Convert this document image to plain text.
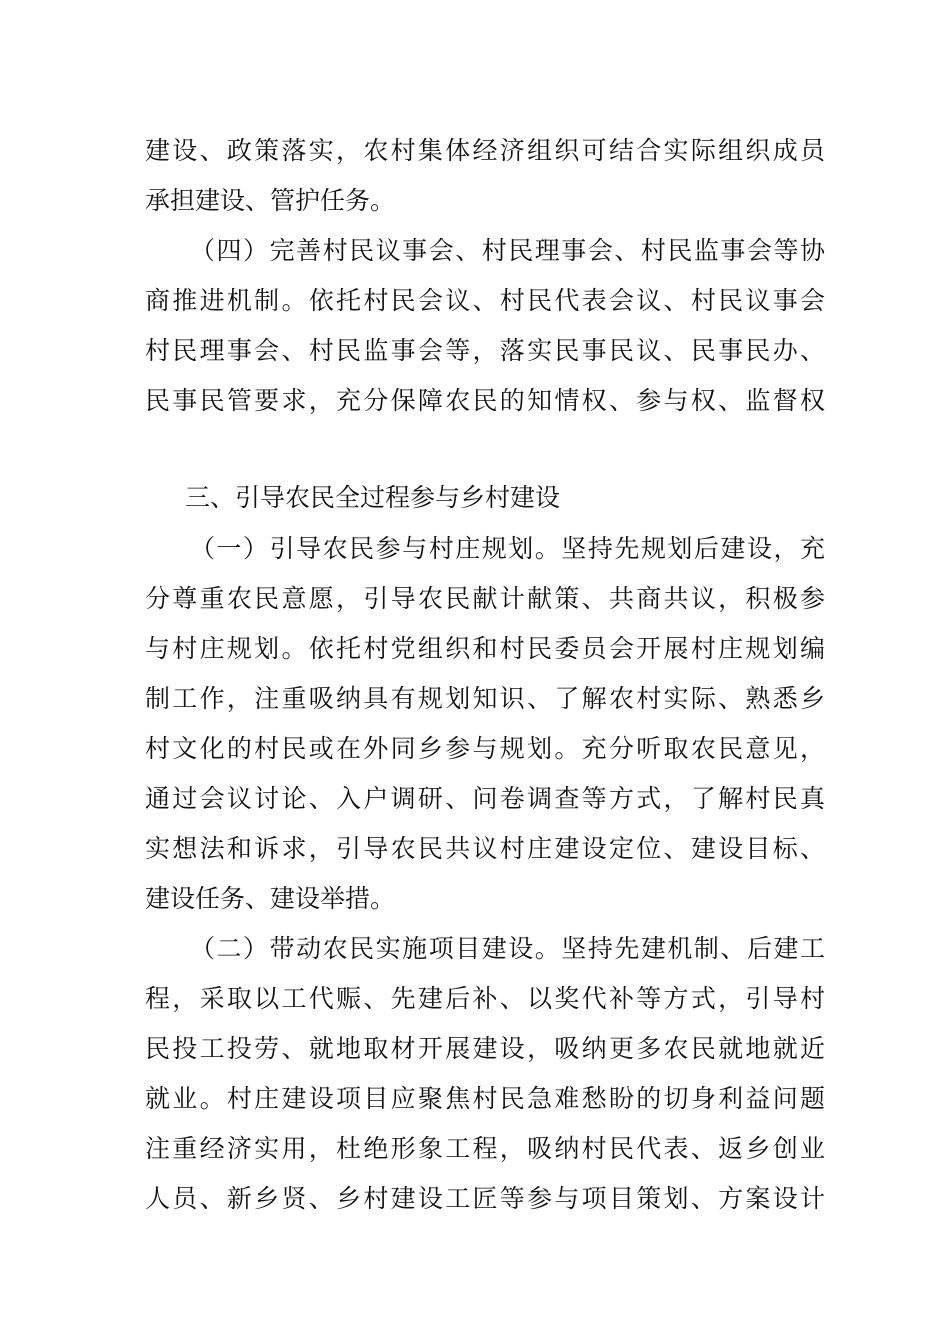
建设、政策落实，农村集体经济组织可结合实际组织成员
承担建设、管护任务。
（四）完善村民议事会、村民理事会、村民监事会等协
商推进机制。依托村民会议、村民代表会议、村民议事会
村民理事会、村民监事会等，落实民事民议、民事民办、
民事民管要求，充分保障农民的知情权、参与权、监督权
三、引导农民全过程参与乡村建设
（一）引导农民参与村庄规划。坚持先规划后建设，充
分尊重农民意愿，引导农民献计献策、共商共议，积极参
与村庄规划。依托村党组织和村民委员会开展村庄规划编
制工作，注重吸纳具有规划知识、了解农村实际、熟悉乡
村文化的村民或在外同乡参与规划。充分听取农民意见，
通过会议讨论、入户调研、问卷调查等方式，了解村民真
实想法和诉求，引导农民共议村庄建设定位、建设目标、
建设任务、建设举措。
（二）带动农民实施项目建设。坚持先建机制、后建工
程，采取以工代赈、先建后补、以奖代补等方式，引导村
民投工投劳、就地取材开展建设，吸纳更多农民就地就近
就业。村庄建设项目应聚焦村民急难愁盼的切身利益问题
注重经济实用，杜绝形象工程，吸纳村民代表、返乡创业
人员、新乡贤、乡村建设工匠等参与项目策划、方案设计
